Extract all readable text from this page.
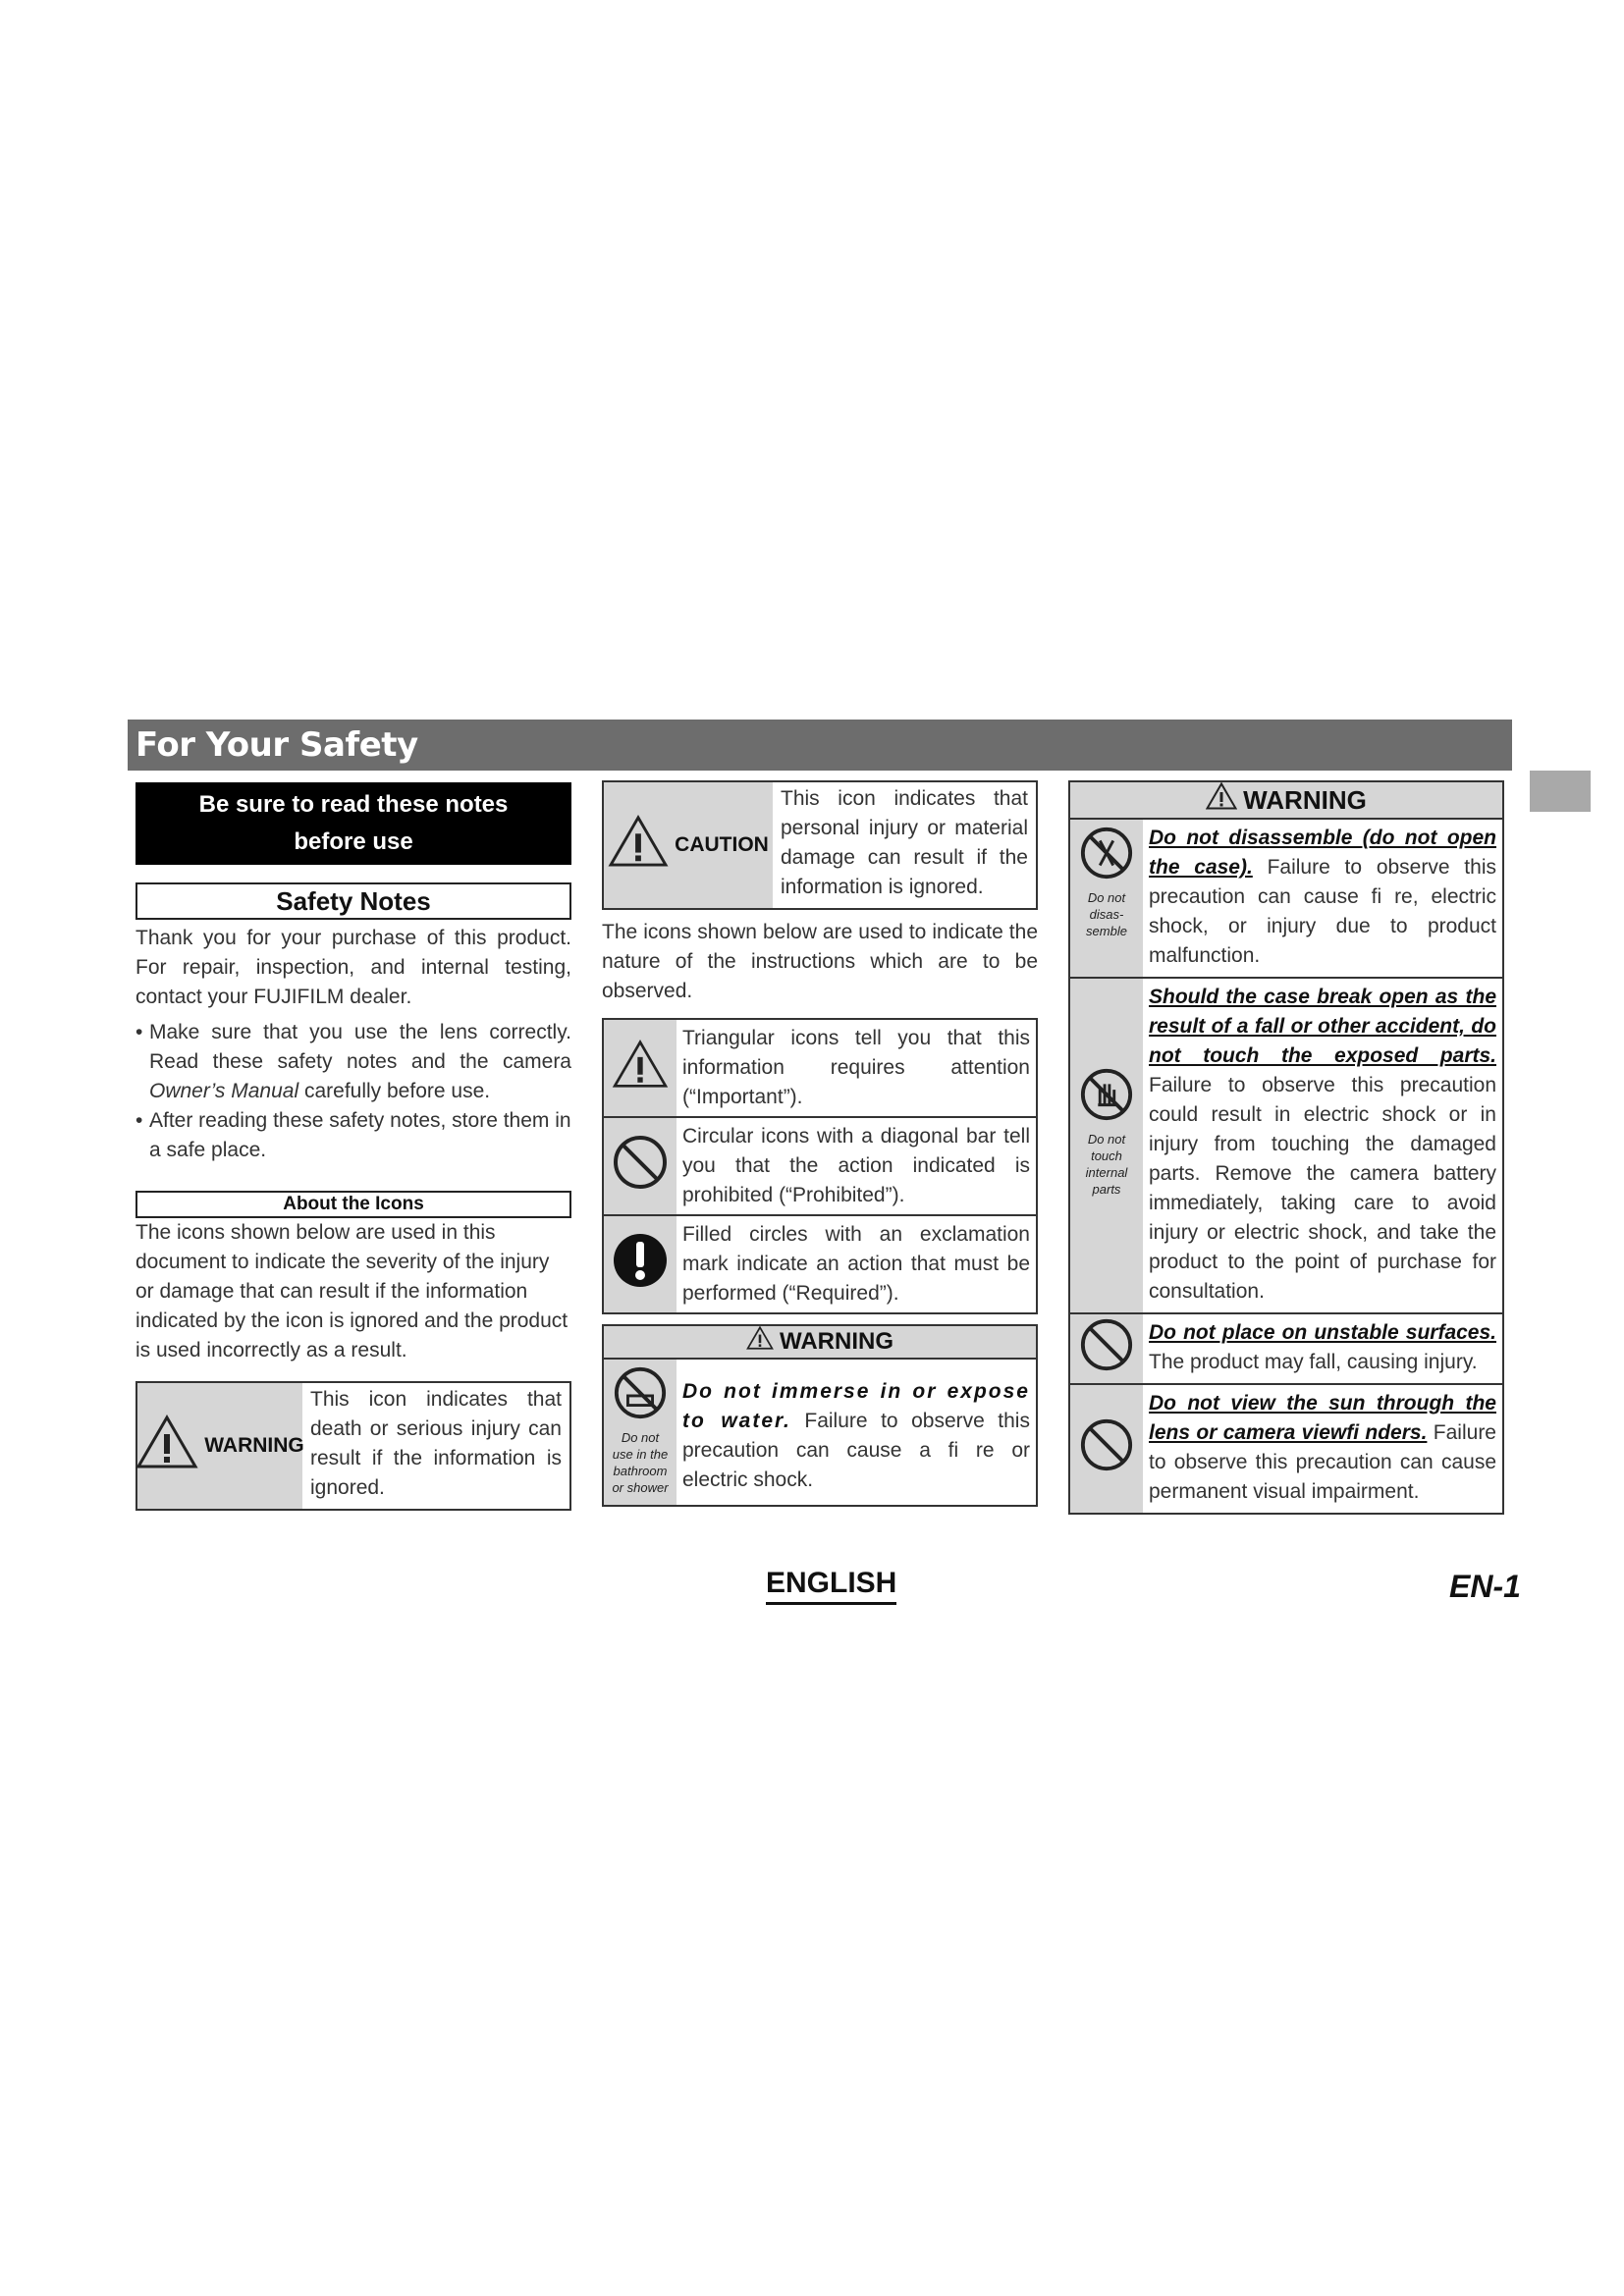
For Your Safety
Be sure to read these notes
before use
Safety Notes

Thank you for your purchase of this product. For repair, inspection, and internal testing, contact your FUJIFILM dealer.

• Make sure that you use the lens correctly. Read these safety notes and the camera Owner’s Manual carefully before use.
• After reading these safety notes, store them in a safe place.
About the Icons

The icons shown below are used in this document to indicate the severity of the injury or damage that can result if the information indicated by the icon is ignored and the product is used incorrectly as a result.

WARNING
This icon indicates that death or serious injury can result if the information is ignored.
CAUTION
This icon indicates that personal injury or material damage can result if the information is ignored.

The icons shown below are used to indicate the nature of the instructions which are to be observed.

Triangular icons tell you that this information requires attention (“Important”).
Circular icons with a diagonal bar tell you that the action indicated is prohibited (“Prohibited”).
Filled circles with an exclamation mark indicate an action that must be performed (“Required”).
WARNING
Do not
use in the
bathroom
or shower
Do not immerse in or expose to water. Failure to observe this precaution can cause a fi re or electric shock.
WARNING
Do not
disas-
semble
Do not disassemble (do not open the case). Failure to observe this precaution can cause fi re, electric shock, or injury due to product malfunction.
Do not
touch
internal
parts
Should the case break open as the result of a fall or other accident, do not touch the exposed parts. Failure to observe this precaution could result in electric shock or in injury from touching the damaged parts. Remove the camera battery immediately, taking care to avoid injury or electric shock, and take the product to the point of purchase for consultation.
Do not place on unstable surfaces. The product may fall, causing injury.
Do not view the sun through the lens or camera viewfi nders. Failure to observe this precaution can cause permanent visual impairment.
ENGLISH	EN-1
